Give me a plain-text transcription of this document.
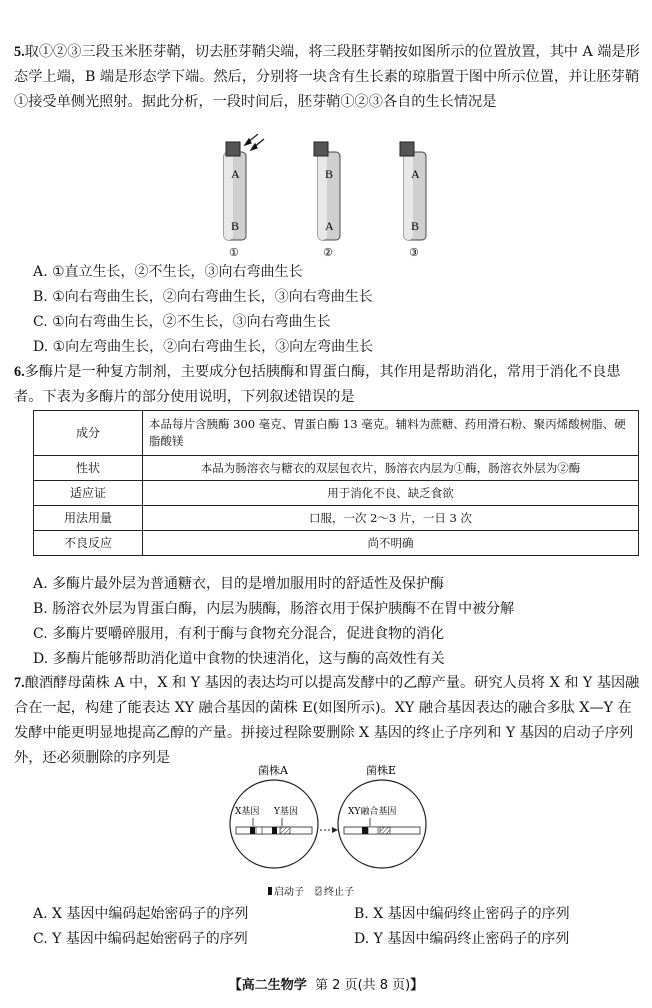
5.取①②③三段玉米胚芽鞘，切去胚芽鞘尖端，将三段胚芽鞘按如图所示的位置放置，其中 A 端是形态学上端，B 端是形态学下端。然后，分别将一块含有生长素的琼脂置于图中所示位置，并让胚芽鞘①接受单侧光照射。据此分析，一段时间后，胚芽鞘①②③各自的生长情况是
A
B
①
B
A
②
A
B
③
A. ①直立生长，②不生长，③向右弯曲生长
B. ①向右弯曲生长，②向右弯曲生长，③向右弯曲生长
C. ①向右弯曲生长，②不生长，③向右弯曲生长
D. ①向左弯曲生长，②向右弯曲生长，③向左弯曲生长
6.多酶片是一种复方制剂，主要成分包括胰酶和胃蛋白酶，其作用是帮助消化，常用于消化不良患者。下表为多酶片的部分使用说明，下列叙述错误的是
成分	本品每片含胰酶 300 毫克、胃蛋白酶 13 毫克。辅料为蔗糖、药用滑石粉、聚丙烯酸树脂、硬脂酸镁
性状	本品为肠溶衣与糖衣的双层包衣片，肠溶衣内层为①酶，肠溶衣外层为②酶
适应证	用于消化不良、缺乏食欲
用法用量	口服，一次 2～3 片，一日 3 次
不良反应	尚不明确
A. 多酶片最外层为普通糖衣，目的是增加服用时的舒适性及保护酶
B. 肠溶衣外层为胃蛋白酶，内层为胰酶，肠溶衣用于保护胰酶不在胃中被分解
C. 多酶片要嚼碎服用，有利于酶与食物充分混合，促进食物的消化
D. 多酶片能够帮助消化道中食物的快速消化，这与酶的高效性有关
7.酿酒酵母菌株 A 中，X 和 Y 基因的表达均可以提高发酵中的乙醇产量。研究人员将 X 和 Y 基因融合在一起，构建了能表达 XY 融合基因的菌株 E(如图所示)。XY 融合基因表达的融合多肽 X—Y 在发酵中能更明显地提高乙醇的产量。拼接过程除要删除 X 基因的终止子序列和 Y 基因的启动子序列外，还必须删除的序列是
菌株A	菌株E
X基因 Y基因	XY融合基因
启动子 终止子
A. X 基因中编码起始密码子的序列	B. X 基因中编码终止密码子的序列
C. Y 基因中编码起始密码子的序列	D. Y 基因中编码终止密码子的序列
【高二生物学 第 2 页(共 8 页)】
